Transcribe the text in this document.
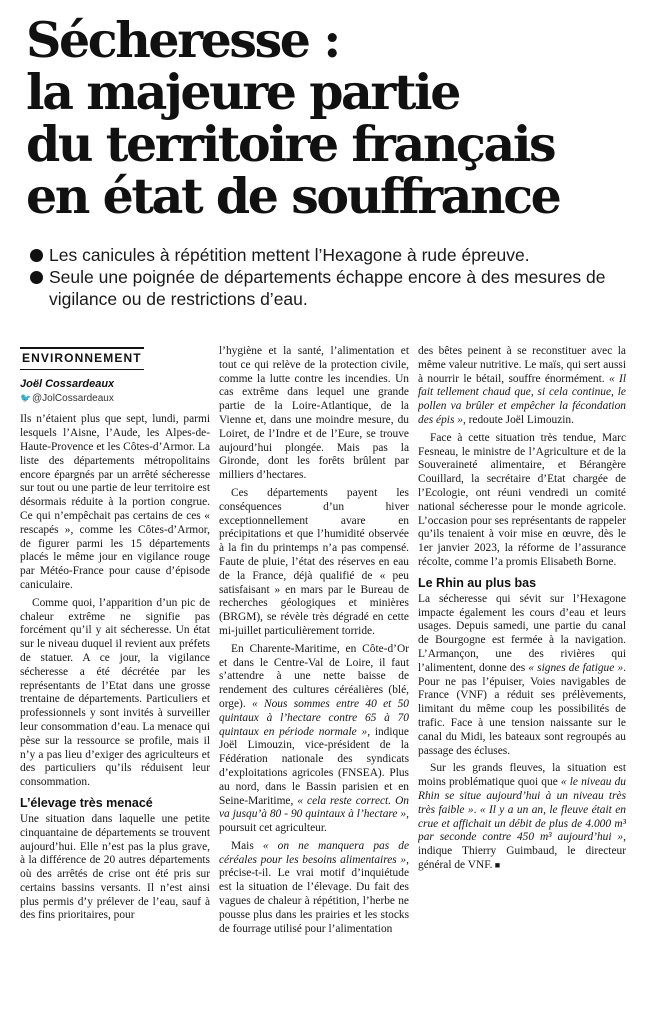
Sécheresse :
la majeure partie
du territoire français
en état de souffrance
Les canicules à répétition mettent l’Hexagone à rude épreuve.
Seule une poignée de départements échappe encore à des mesures de vigilance ou de restrictions d’eau.
ENVIRONNEMENT
Joël Cossardeaux
🐦@JolCossardeaux

Ils n’étaient plus que sept, lundi, parmi lesquels l’Aisne, l’Aude, les Alpes-de-Haute-Provence et les Côtes-d’Armor. La liste des départements métropolitains encore épargnés par un arrêté sécheresse sur tout ou une partie de leur territoire est désormais réduite à la portion congrue. Ce qui n’empêchait pas certains de ces « rescapés », comme les Côtes-d’Armor, de figurer parmi les 15 départements placés le même jour en vigilance rouge par Météo-France pour cause d’épisode caniculaire.

Comme quoi, l’apparition d’un pic de chaleur extrême ne signifie pas forcément qu’il y ait sécheresse. Un état sur le niveau duquel il revient aux préfets de statuer. A ce jour, la vigilance sécheresse a été décrétée par les représentants de l’Etat dans une grosse trentaine de départements. Particuliers et professionnels y sont invités à surveiller leur consommation d’eau. La menace qui pèse sur la ressource se profile, mais il n’y a pas lieu d’exiger des agriculteurs et des particuliers qu’ils réduisent leur consommation.

L’élevage très menacé

Une situation dans laquelle une petite cinquantaine de départements se trouvent aujourd’hui. Elle n’est pas la plus grave, à la différence de 20 autres départements où des arrêtés de crise ont été pris sur certains bassins versants. Il n’est ainsi plus permis d’y prélever de l’eau, sauf à des fins prioritaires, pour

l’hygiène et la santé, l’alimentation et tout ce qui relève de la protection civile, comme la lutte contre les incendies. Un cas extrême dans lequel une grande partie de la Loire-Atlantique, de la Vienne et, dans une moindre mesure, du Loiret, de l’Indre et de l’Eure, se trouve aujourd’hui plongée. Mais pas la Gironde, dont les forêts brûlent par milliers d’hectares.

Ces départements payent les conséquences d’un hiver exceptionnellement avare en précipitations et que l’humidité observée à la fin du printemps n’a pas compensé. Faute de pluie, l’état des réserves en eau de la France, déjà qualifié de « peu satisfaisant » en mars par le Bureau de recherches géologiques et minières (BRGM), se révèle très dégradé en cette mi-juillet particulièrement torride.

En Charente-Maritime, en Côte-d’Or et dans le Centre-Val de Loire, il faut s’attendre à une nette baisse de rendement des cultures céréalières (blé, orge). « Nous sommes entre 40 et 50 quintaux à l’hectare contre 65 à 70 quintaux en période normale », indique Joël Limouzin, vice-président de la Fédération nationale des syndicats d’exploitations agricoles (FNSEA). Plus au nord, dans le Bassin parisien et en Seine-Maritime, « cela reste correct. On va jusqu’à 80 - 90 quintaux à l’hectare », poursuit cet agriculteur.

Mais « on ne manquera pas de céréales pour les besoins alimentaires », précise-t-il. Le vrai motif d’inquiétude est la situation de l’élevage. Du fait des vagues de chaleur à répétition, l’herbe ne pousse plus dans les prairies et les stocks de fourrage utilisé pour l’alimentation

des bêtes peinent à se reconstituer avec la même valeur nutritive. Le maïs, qui sert aussi à nourrir le bétail, souffre énormément. « Il fait tellement chaud que, si cela continue, le pollen va brûler et empêcher la fécondation des épis », redoute Joël Limouzin.

Face à cette situation très tendue, Marc Fesneau, le ministre de l’Agriculture et de la Souveraineté alimentaire, et Bérangère Couillard, la secrétaire d’Etat chargée de l’Ecologie, ont réuni vendredi un comité national sécheresse pour le monde agricole. L’occasion pour ses représentants de rappeler qu’ils tenaient à voir mise en œuvre, dès le 1er janvier 2023, la réforme de l’assurance récolte, comme l’a promis Elisabeth Borne.

Le Rhin au plus bas

La sécheresse qui sévit sur l’Hexagone impacte également les cours d’eau et leurs usages. Depuis samedi, une partie du canal de Bourgogne est fermée à la navigation. L’Armançon, une des rivières qui l’alimentent, donne des « signes de fatigue ». Pour ne pas l’épuiser, Voies navigables de France (VNF) a réduit ses prélèvements, limitant du même coup les possibilités de trafic. Face à une tension naissante sur le canal du Midi, les bateaux sont regroupés au passage des écluses.

Sur les grands fleuves, la situation est moins problématique quoi que « le niveau du Rhin se situe aujourd’hui à un niveau très très faible ». « Il y a un an, le fleuve était en crue et affichait un débit de plus de 4.000 m³ par seconde contre 450 m³ aujourd’hui », indique Thierry Guimbaud, le directeur général de VNF. ■
